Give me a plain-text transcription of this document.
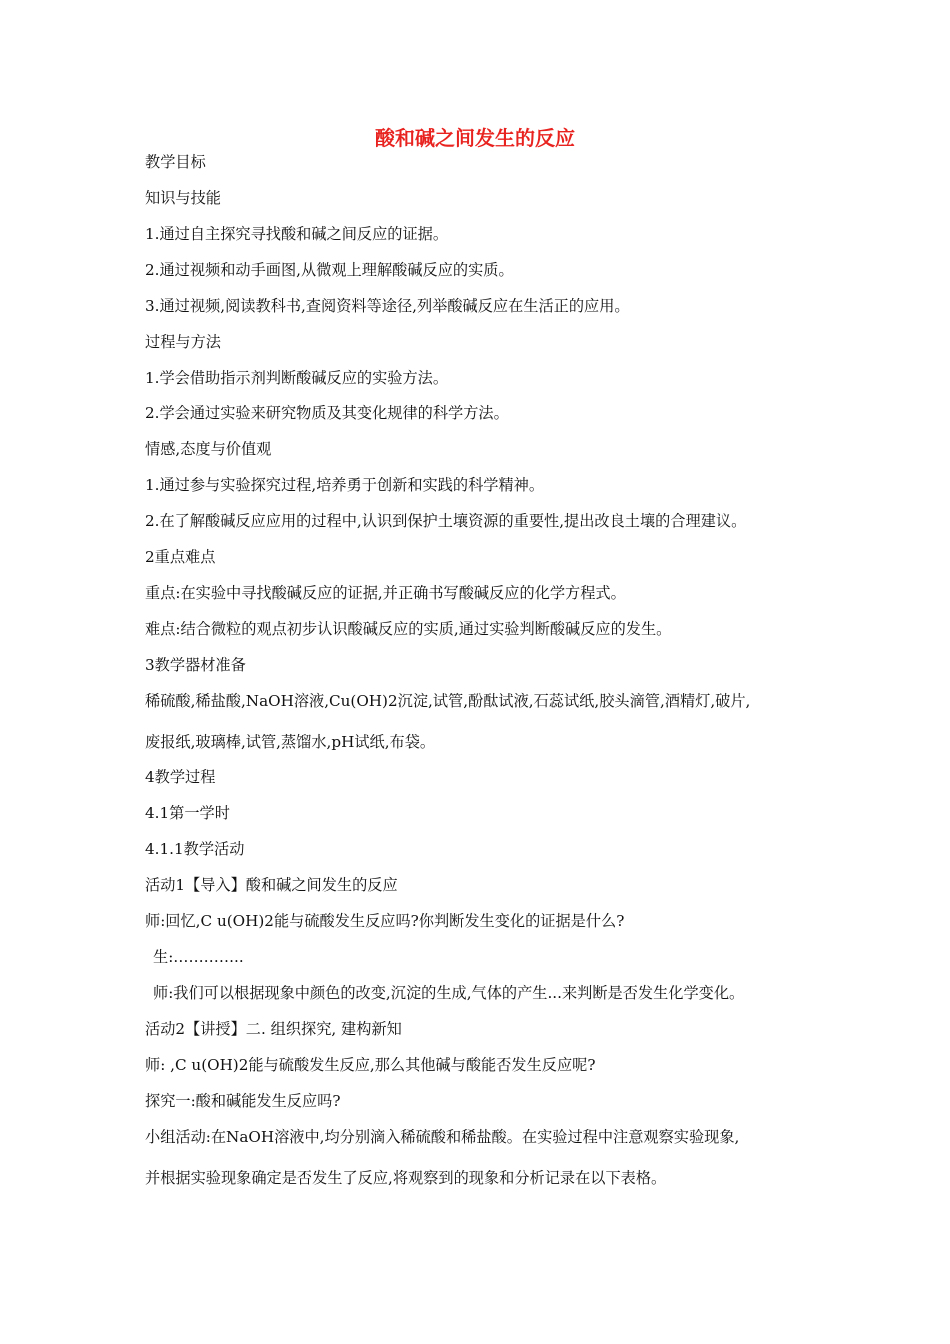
酸和碱之间发生的反应
教学目标
知识与技能
1.通过自主探究寻找酸和碱之间反应的证据。
2.通过视频和动手画图,从微观上理解酸碱反应的实质。
3.通过视频,阅读教科书,查阅资料等途径,列举酸碱反应在生活正的应用。
过程与方法
1.学会借助指示剂判断酸碱反应的实验方法。
2.学会通过实验来研究物质及其变化规律的科学方法。
情感,态度与价值观
1.通过参与实验探究过程,培养勇于创新和实践的科学精神。
2.在了解酸碱反应应用的过程中,认识到保护土壤资源的重要性,提出改良土壤的合理建议。
2重点难点
重点:在实验中寻找酸碱反应的证据,并正确书写酸碱反应的化学方程式。
难点:结合微粒的观点初步认识酸碱反应的实质,通过实验判断酸碱反应的发生。
3教学器材准备
稀硫酸,稀盐酸,NaOH溶液,Cu(OH)2沉淀,试管,酚酞试液,石蕊试纸,胶头滴管,酒精灯,破片,
废报纸,玻璃棒,试管,蒸馏水,pH试纸,布袋。
4教学过程
4.1第一学时
4.1.1教学活动
活动1【导入】酸和碱之间发生的反应
师:回忆,C u(OH)2能与硫酸发生反应吗?你判断发生变化的证据是什么?
生:…………..
师:我们可以根据现象中颜色的改变,沉淀的生成,气体的产生...来判断是否发生化学变化。
活动2【讲授】二. 组织探究, 建构新知
师: ,C u(OH)2能与硫酸发生反应,那么其他碱与酸能否发生反应呢?
探究一:酸和碱能发生反应吗?
小组活动:在NaOH溶液中,均分别滴入稀硫酸和稀盐酸。在实验过程中注意观察实验现象,
并根据实验现象确定是否发生了反应,将观察到的现象和分析记录在以下表格。
